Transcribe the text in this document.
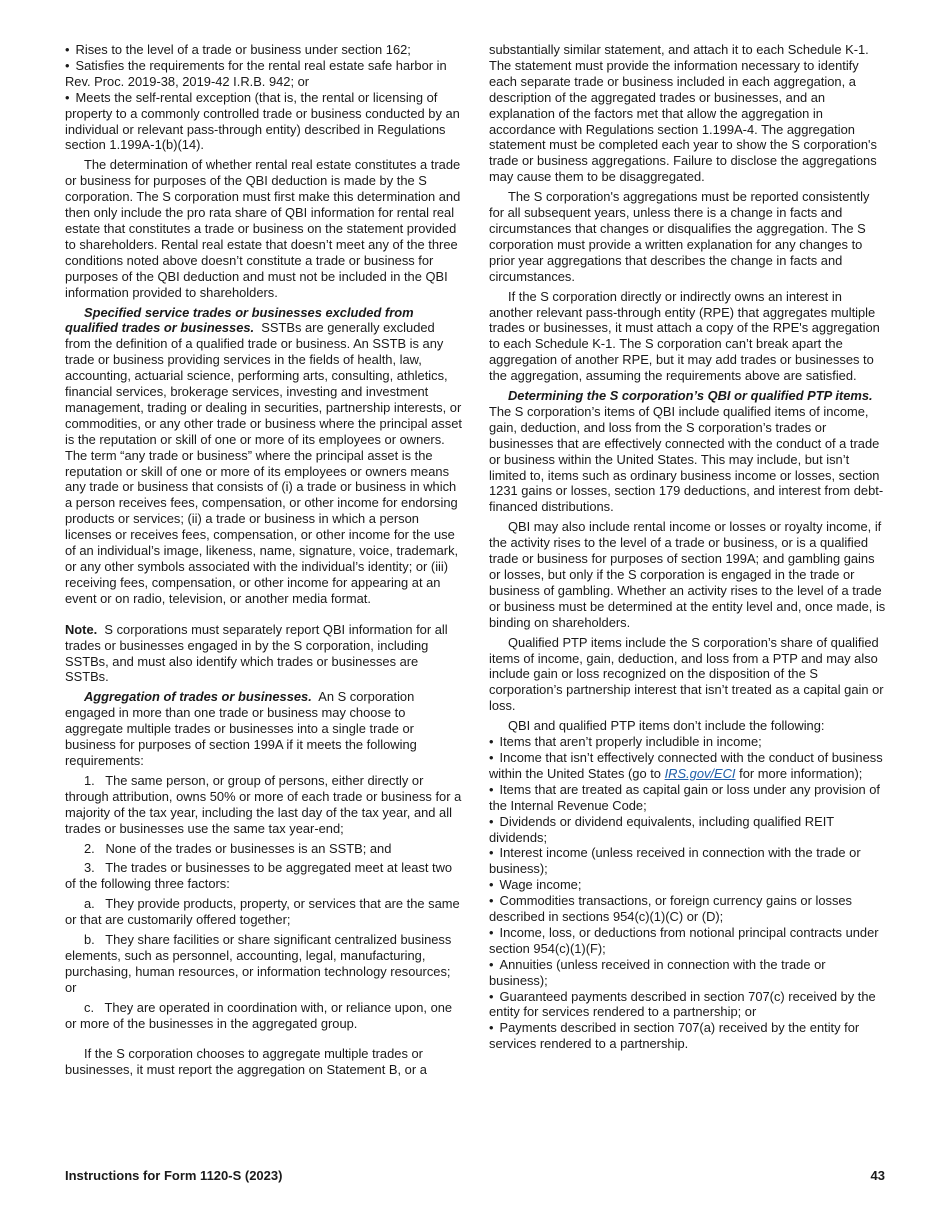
• Rises to the level of a trade or business under section 162;

• Satisfies the requirements for the rental real estate safe harbor in Rev. Proc. 2019-38, 2019-42 I.R.B. 942; or

• Meets the self-rental exception (that is, the rental or licensing of property to a commonly controlled trade or business conducted by an individual or relevant pass-through entity) described in Regulations section 1.199A-1(b)(14).

The determination of whether rental real estate constitutes a trade or business for purposes of the QBI deduction is made by the S corporation. The S corporation must first make this determination and then only include the pro rata share of QBI information for rental real estate that constitutes a trade or business on the statement provided to shareholders. Rental real estate that doesn’t meet any of the three conditions noted above doesn’t constitute a trade or business for purposes of the QBI deduction and must not be included in the QBI information provided to shareholders.

Specified service trades or businesses excluded from qualified trades or businesses. SSTBs are generally excluded from the definition of a qualified trade or business. An SSTB is any trade or business providing services in the fields of health, law, accounting, actuarial science, performing arts, consulting, athletics, financial services, brokerage services, investing and investment management, trading or dealing in securities, partnership interests, or commodities, or any other trade or business where the principal asset is the reputation or skill of one or more of its employees or owners. The term “any trade or business” where the principal asset is the reputation or skill of one or more of its employees or owners means any trade or business that consists of (i) a trade or business in which a person receives fees, compensation, or other income for endorsing products or services; (ii) a trade or business in which a person licenses or receives fees, compensation, or other income for the use of an individual’s image, likeness, name, signature, voice, trademark, or any other symbols associated with the individual’s identity; or (iii) receiving fees, compensation, or other income for appearing at an event or on radio, television, or another media format.

Note. S corporations must separately report QBI information for all trades or businesses engaged in by the S corporation, including SSTBs, and must also identify which trades or businesses are SSTBs.

Aggregation of trades or businesses. An S corporation engaged in more than one trade or business may choose to aggregate multiple trades or businesses into a single trade or business for purposes of section 199A if it meets the following requirements:

1.   The same person, or group of persons, either directly or through attribution, owns 50% or more of each trade or business for a majority of the tax year, including the last day of the tax year, and all trades or businesses use the same tax year-end;

2.   None of the trades or businesses is an SSTB; and

3.   The trades or businesses to be aggregated meet at least two of the following three factors:

a.   They provide products, property, or services that are the same or that are customarily offered together;

b.   They share facilities or share significant centralized business elements, such as personnel, accounting, legal, manufacturing, purchasing, human resources, or information technology resources; or

c.   They are operated in coordination with, or reliance upon, one or more of the businesses in the aggregated group.

If the S corporation chooses to aggregate multiple trades or businesses, it must report the aggregation on Statement B, or a

substantially similar statement, and attach it to each Schedule K-1. The statement must provide the information necessary to identify each separate trade or business included in each aggregation, a description of the aggregated trades or businesses, and an explanation of the factors met that allow the aggregation in accordance with Regulations section 1.199A-4. The aggregation statement must be completed each year to show the S corporation's trade or business aggregations. Failure to disclose the aggregations may cause them to be disaggregated.

The S corporation's aggregations must be reported consistently for all subsequent years, unless there is a change in facts and circumstances that changes or disqualifies the aggregation. The S corporation must provide a written explanation for any changes to prior year aggregations that describes the change in facts and circumstances.

If the S corporation directly or indirectly owns an interest in another relevant pass-through entity (RPE) that aggregates multiple trades or businesses, it must attach a copy of the RPE's aggregation to each Schedule K-1. The S corporation can’t break apart the aggregation of another RPE, but it may add trades or businesses to the aggregation, assuming the requirements above are satisfied.

Determining the S corporation’s QBI or qualified PTP items.  The S corporation’s items of QBI include qualified items of income, gain, deduction, and loss from the S corporation’s trades or businesses that are effectively connected with the conduct of a trade or business within the United States. This may include, but isn’t limited to, items such as ordinary business income or losses, section 1231 gains or losses, section 179 deductions, and interest from debt-financed distributions.

QBI may also include rental income or losses or royalty income, if the activity rises to the level of a trade or business, or is a qualified trade or business for purposes of section 199A; and gambling gains or losses, but only if the S corporation is engaged in the trade or business of gambling. Whether an activity rises to the level of a trade or business must be determined at the entity level and, once made, is binding on shareholders.

Qualified PTP items include the S corporation’s share of qualified items of income, gain, deduction, and loss from a PTP and may also include gain or loss recognized on the disposition of the S corporation’s partnership interest that isn’t treated as a capital gain or loss.

QBI and qualified PTP items don’t include the following:

• Items that aren’t properly includible in income;

• Income that isn’t effectively connected with the conduct of business within the United States (go to IRS.gov/ECI for more information);

• Items that are treated as capital gain or loss under any provision of the Internal Revenue Code;

• Dividends or dividend equivalents, including qualified REIT dividends;

• Interest income (unless received in connection with the trade or business);

• Wage income;

• Commodities transactions, or foreign currency gains or losses described in sections 954(c)(1)(C) or (D);

• Income, loss, or deductions from notional principal contracts under section 954(c)(1)(F);

• Annuities (unless received in connection with the trade or business);

• Guaranteed payments described in section 707(c) received by the entity for services rendered to a partnership; or

• Payments described in section 707(a) received by the entity for services rendered to a partnership.

Instructions for Form 1120-S (2023)	43
